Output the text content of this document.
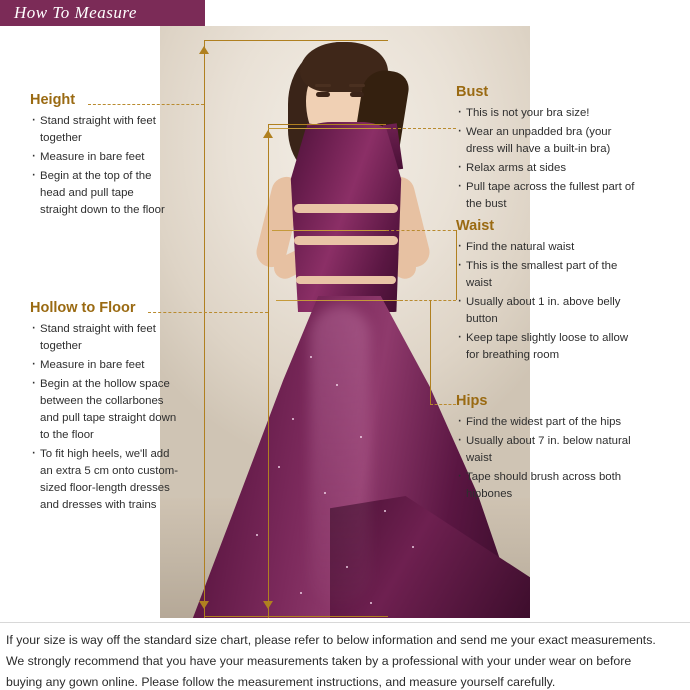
How To Measure
Height
· Stand straight with feet together
· Measure in bare feet
· Begin at the top of the head and pull tape straight down to the floor
Hollow to Floor
· Stand straight with feet together
· Measure in bare feet
· Begin at the hollow space between the collarbones and pull tape straight down to the floor
· To fit high heels, we'll add an extra 5 cm onto custom-sized floor-length dresses and dresses with trains
Bust
· This is not your bra size!
· Wear an unpadded bra (your dress will have a built-in bra)
· Relax arms at sides
· Pull tape across the fullest part of the bust
Waist
· Find the natural waist
· This is the smallest part of the waist
· Usually about 1 in. above belly button
· Keep tape slightly loose to allow for breathing room
Hips
· Find the widest part of the hips
· Usually about 7 in. below natural waist
· Tape should brush across both hipbones

If your size is way off the standard size chart, please refer to below information and send me your exact measurements.

We strongly recommend that you have your measurements taken by a professional with your under wear on before

buying any gown online. Please follow the measurement instructions, and measure yourself carefully.
